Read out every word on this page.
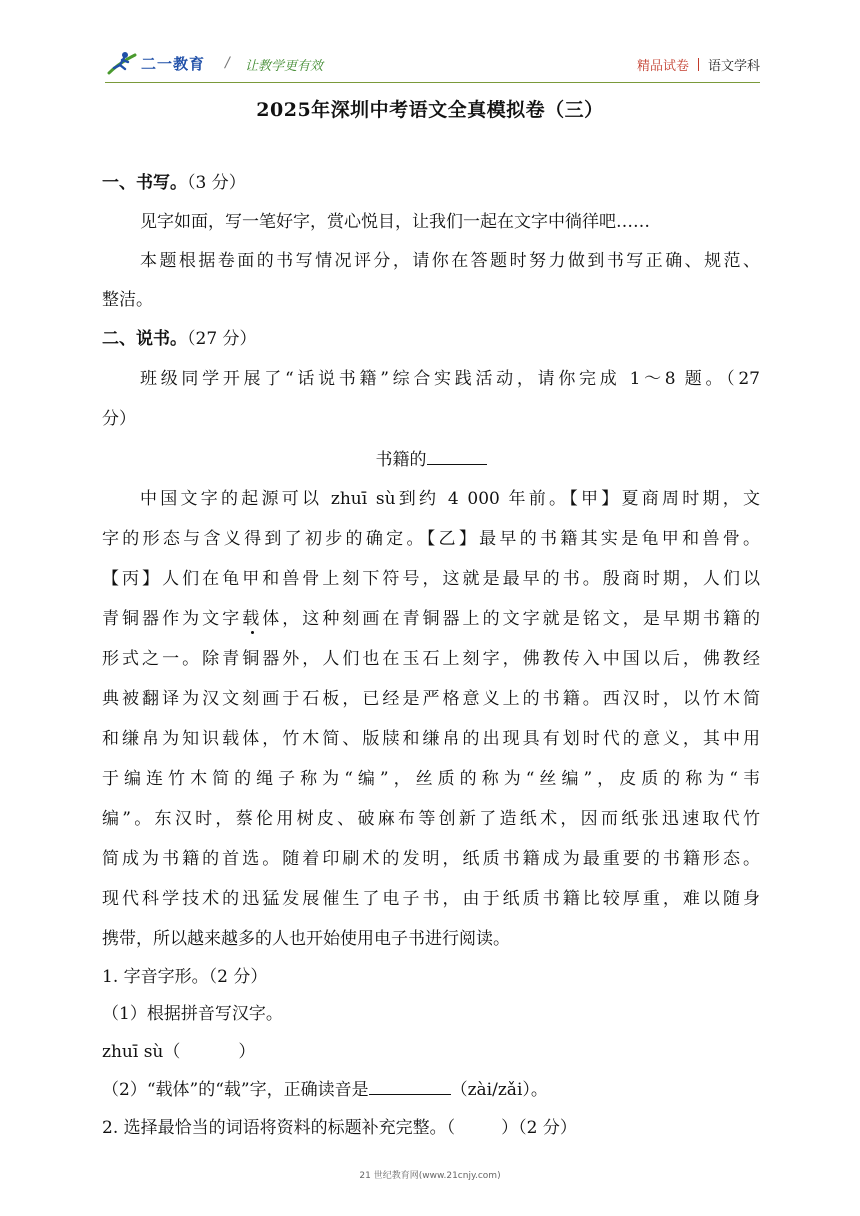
二一教育 / 让教学更有效	精品试卷 语文学科
2025年深圳中考语文全真模拟卷（三）
一、书写。（3 分）
见字如面，写一笔好字，赏心悦目，让我们一起在文字中徜徉吧……
本题根据卷面的书写情况评分，请你在答题时努力做到书写正确、规范、
整洁。
二、说书。（27 分）
班级同学开展了“话说书籍”综合实践活动，请你完成 1～8 题。（27
分）
书籍的
中国文字的起源可以 zhuī sù到约 4 000 年前。【甲】夏商周时期，文
字的形态与含义得到了初步的确定。【乙】最早的书籍其实是龟甲和兽骨。
【丙】人们在龟甲和兽骨上刻下符号，这就是最早的书。殷商时期，人们以
青铜器作为文字载体，这种刻画在青铜器上的文字就是铭文，是早期书籍的
形式之一。除青铜器外，人们也在玉石上刻字，佛教传入中国以后，佛教经
典被翻译为汉文刻画于石板，已经是严格意义上的书籍。西汉时，以竹木简
和缣帛为知识载体，竹木简、版牍和缣帛的出现具有划时代的意义，其中用
于编连竹木简的绳子称为“编”，丝质的称为“丝编”，皮质的称为“韦
编”。东汉时，蔡伦用树皮、破麻布等创新了造纸术，因而纸张迅速取代竹
简成为书籍的首选。随着印刷术的发明，纸质书籍成为最重要的书籍形态。
现代科学技术的迅猛发展催生了电子书，由于纸质书籍比较厚重，难以随身
携带，所以越来越多的人也开始使用电子书进行阅读。
1. 字音字形。（2 分）
（1）根据拼音写汉字。
zhuī sù（	）
（2）“载体”的“载”字，正确读音是	（zài/zǎi）。
2. 选择最恰当的词语将资料的标题补充完整。（	）（2 分）
21 世纪教育网(www.21cnjy.com)
